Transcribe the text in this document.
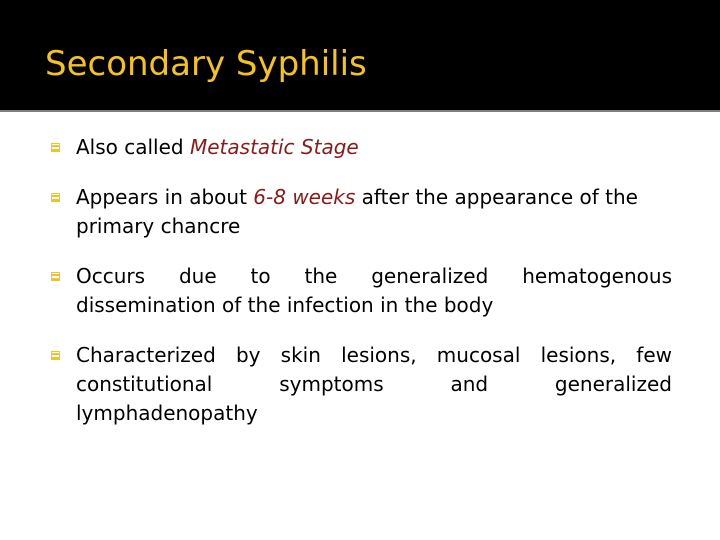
Secondary Syphilis
Also called Metastatic Stage
Appears in about 6-8 weeks after the appearance of the primary chancre
Occurs due to the generalized hematogenous dissemination of the infection in the body
Characterized by skin lesions, mucosal lesions, few constitutional symptoms and generalized lymphadenopathy
